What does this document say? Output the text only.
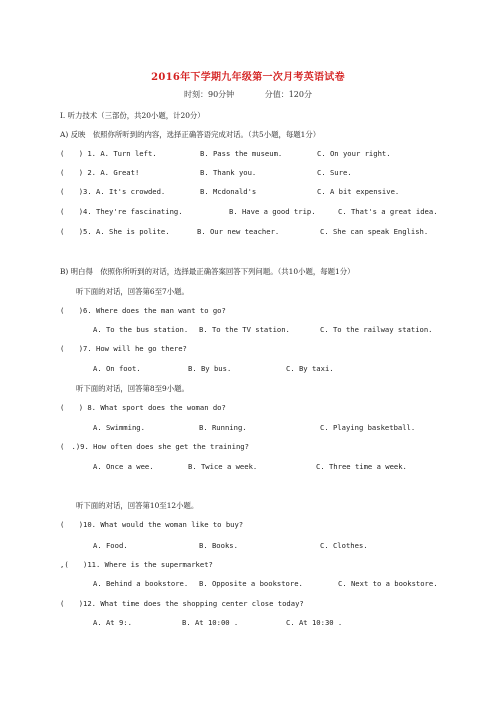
2016年下学期九年级第一次月考英语试卷
时刻：90分钟	分值：120分
Ⅰ. 听力技术（三部份，共20小题，计20分）
A) 反映　依照你所听到的内容，选择正确答语完成对话。（共5小题，每题1分）
(　　) 1. A. Turn left.	B. Pass the museum.	C. On your right.
(　　) 2. A. Great!	B. Thank you.	C. Sure.
(　　)3. A. It's crowded.	B. Mcdonald's	C. A bit expensive.
(　　)4. They're fascinating.	B. Have a good trip.	C. That's a great idea.
(　　)5. A. She is polite.	B. Our new teacher.	C. She can speak English.
B) 明白得　依照你所听到的对话，选择最正确答案回答下列问题。（共10小题，每题1分）
听下面的对话，回答第6至7小题。
(　　)6. Where does the man want to go?
A. To the bus station. B. To the TV station.	C. To the railway station.
(　　)7. How will he go there?
A. On foot.	B. By bus.	C. By taxi.
听下面的对话，回答第8至9小题。
(　　) 8. What sport does the woman do?
A. Swimming.	B. Running.	C. Playing basketball.
(　.)9. How often does she get the training?
A. Once a wee.	B. Twice a week.	C. Three time a week.
听下面的对话，回答第10至12小题。
(　　)10. What would the woman like to buy?
A. Food.	B. Books.	C. Clothes.
,(　　)11. Where is the supermarket?
A. Behind a bookstore. B. Opposite a bookstore.	C. Next to a bookstore.
(　　)12. What time does the shopping center close today?
A. At 9:.	B. At 10:00 .	C. At 10:30 .
